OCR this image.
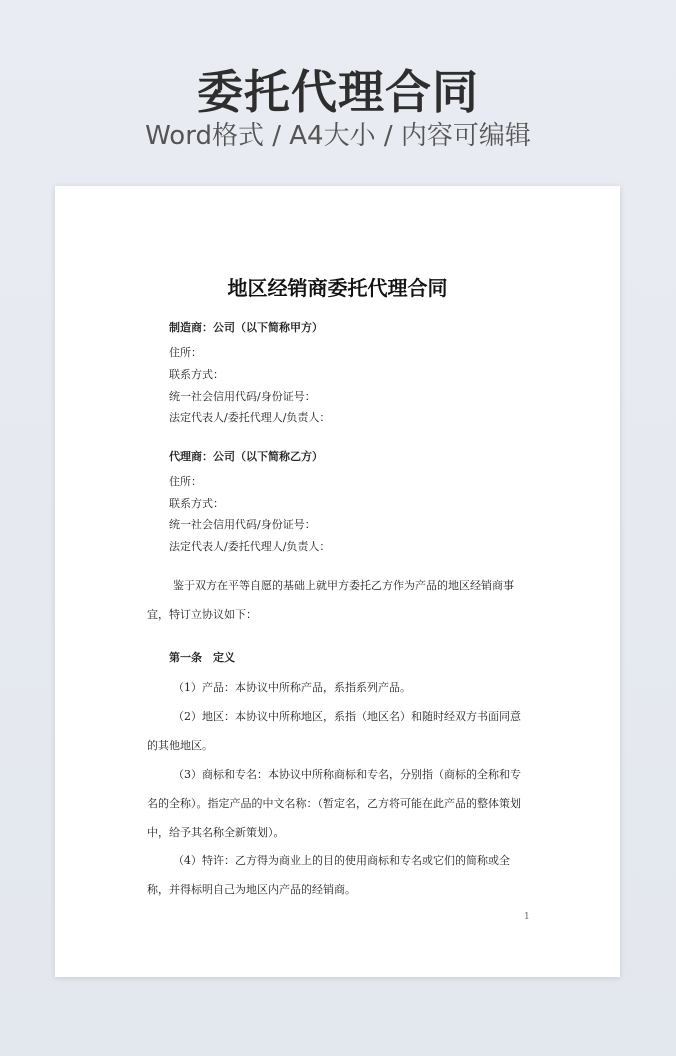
委托代理合同
Word格式 / A4大小 / 内容可编辑
地区经销商委托代理合同
制造商：公司（以下简称甲方）
住所：
联系方式：
统一社会信用代码/身份证号：
法定代表人/委托代理人/负责人：
代理商：公司（以下简称乙方）
住所：
联系方式：
统一社会信用代码/身份证号：
法定代表人/委托代理人/负责人：
鉴于双方在平等自愿的基础上就甲方委托乙方作为产品的地区经销商事宜，特订立协议如下：
第一条　定义
（1）产品：本协议中所称产品，系指系列产品。
（2）地区：本协议中所称地区，系指（地区名）和随时经双方书面同意的其他地区。
（3）商标和专名：本协议中所称商标和专名，分别指（商标的全称和专名的全称）。指定产品的中文名称：（暂定名，乙方将可能在此产品的整体策划中，给予其名称全新策划）。
（4）特许：乙方得为商业上的目的使用商标和专名或它们的简称或全称，并得标明自己为地区内产品的经销商。
1
